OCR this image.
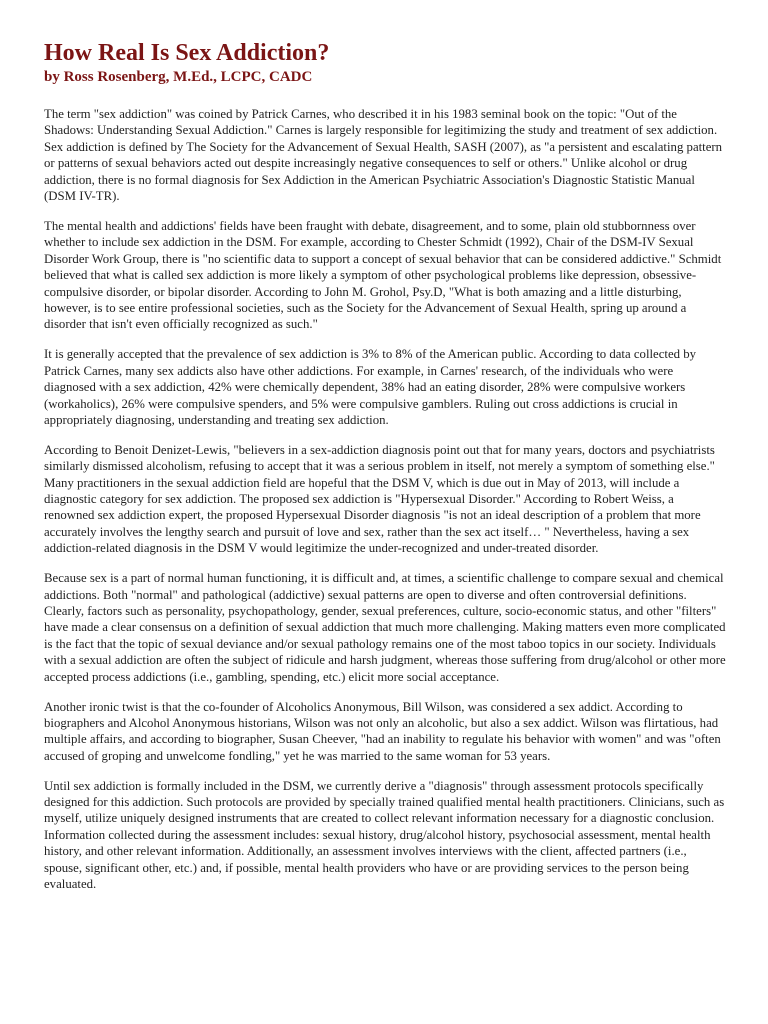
How Real Is Sex Addiction?
by Ross Rosenberg, M.Ed., LCPC, CADC

The term "sex addiction" was coined by Patrick Carnes, who described it in his 1983 seminal book on the topic: "Out of the Shadows: Understanding Sexual Addiction." Carnes is largely responsible for legitimizing the study and treatment of sex addiction. Sex addiction is defined by The Society for the Advancement of Sexual Health, SASH (2007), as "a persistent and escalating pattern or patterns of sexual behaviors acted out despite increasingly negative consequences to self or others." Unlike alcohol or drug addiction, there is no formal diagnosis for Sex Addiction in the American Psychiatric Association's Diagnostic Statistic Manual (DSM IV-TR).

The mental health and addictions' fields have been fraught with debate, disagreement, and to some, plain old stubbornness over whether to include sex addiction in the DSM. For example, according to Chester Schmidt (1992), Chair of the DSM-IV Sexual Disorder Work Group, there is "no scientific data to support a concept of sexual behavior that can be considered addictive." Schmidt believed that what is called sex addiction is more likely a symptom of other psychological problems like depression, obsessive-compulsive disorder, or bipolar disorder. According to John M. Grohol, Psy.D, "What is both amazing and a little disturbing, however, is to see entire professional societies, such as the Society for the Advancement of Sexual Health, spring up around a disorder that isn't even officially recognized as such."

It is generally accepted that the prevalence of sex addiction is 3% to 8% of the American public. According to data collected by Patrick Carnes, many sex addicts also have other addictions. For example, in Carnes' research, of the individuals who were diagnosed with a sex addiction, 42% were chemically dependent, 38% had an eating disorder, 28% were compulsive workers (workaholics), 26% were compulsive spenders, and 5% were compulsive gamblers. Ruling out cross addictions is crucial in appropriately diagnosing, understanding and treating sex addiction.

According to Benoit Denizet-Lewis, "believers in a sex-addiction diagnosis point out that for many years, doctors and psychiatrists similarly dismissed alcoholism, refusing to accept that it was a serious problem in itself, not merely a symptom of something else." Many practitioners in the sexual addiction field are hopeful that the DSM V, which is due out in May of 2013, will include a diagnostic category for sex addiction. The proposed sex addiction is "Hypersexual Disorder." According to Robert Weiss, a renowned sex addiction expert, the proposed Hypersexual Disorder diagnosis "is not an ideal description of a problem that more accurately involves the lengthy search and pursuit of love and sex, rather than the sex act itself… " Nevertheless, having a sex addiction-related diagnosis in the DSM V would legitimize the under-recognized and under-treated disorder.

Because sex is a part of normal human functioning, it is difficult and, at times, a scientific challenge to compare sexual and chemical addictions. Both "normal" and pathological (addictive) sexual patterns are open to diverse and often controversial definitions. Clearly, factors such as personality, psychopathology, gender, sexual preferences, culture, socio-economic status, and other "filters" have made a clear consensus on a definition of sexual addiction that much more challenging. Making matters even more complicated is the fact that the topic of sexual deviance and/or sexual pathology remains one of the most taboo topics in our society. Individuals with a sexual addiction are often the subject of ridicule and harsh judgment, whereas those suffering from drug/alcohol or other more accepted process addictions (i.e., gambling, spending, etc.) elicit more social acceptance.

Another ironic twist is that the co-founder of Alcoholics Anonymous, Bill Wilson, was considered a sex addict. According to biographers and Alcohol Anonymous historians, Wilson was not only an alcoholic, but also a sex addict. Wilson was flirtatious, had multiple affairs, and according to biographer, Susan Cheever, "had an inability to regulate his behavior with women" and was "often accused of groping and unwelcome fondling," yet he was married to the same woman for 53 years.

Until sex addiction is formally included in the DSM, we currently derive a "diagnosis" through assessment protocols specifically designed for this addiction. Such protocols are provided by specially trained qualified mental health practitioners. Clinicians, such as myself, utilize uniquely designed instruments that are created to collect relevant information necessary for a diagnostic conclusion. Information collected during the assessment includes: sexual history, drug/alcohol history, psychosocial assessment, mental health history, and other relevant information. Additionally, an assessment involves interviews with the client, affected partners (i.e., spouse, significant other, etc.) and, if possible, mental health providers who have or are providing services to the person being evaluated.
